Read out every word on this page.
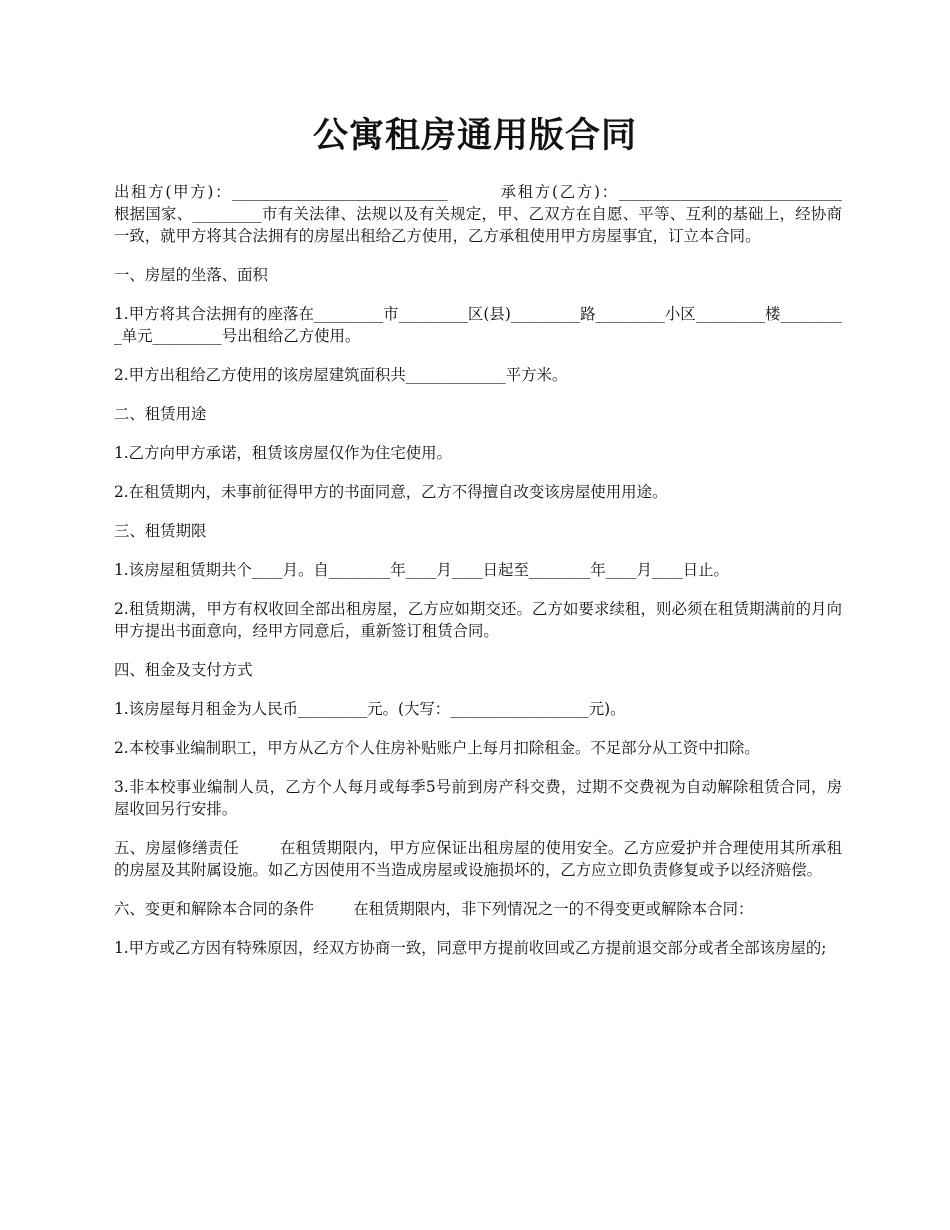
公寓租房通用版合同

出租方(甲方)：____________________________        承租方(乙方)：_____________________________        根据国家、_________市有关法律、法规以及有关规定，甲、乙双方在自愿、平等、互利的基础上，经协商一致，就甲方将其合法拥有的房屋出租给乙方使用，乙方承租使用甲方房屋事宜，订立本合同。

一、房屋的坐落、面积

1.甲方将其合法拥有的座落在_________市_________区(县)_________路_________小区_________楼_________单元_________号出租给乙方使用。

2.甲方出租给乙方使用的该房屋建筑面积共_____________平方米。

二、租赁用途

1.乙方向甲方承诺，租赁该房屋仅作为住宅使用。

2.在租赁期内，未事前征得甲方的书面同意，乙方不得擅自改变该房屋使用用途。

三、租赁期限

1.该房屋租赁期共个____月。自________年____月____日起至________年____月____日止。

2.租赁期满，甲方有权收回全部出租房屋，乙方应如期交还。乙方如要求续租，则必须在租赁期满前的月向甲方提出书面意向，经甲方同意后，重新签订租赁合同。

四、租金及支付方式

1.该房屋每月租金为人民币_________元。(大写：__________________元)。

2.本校事业编制职工，甲方从乙方个人住房补贴账户上每月扣除租金。不足部分从工资中扣除。

3.非本校事业编制人员，乙方个人每月或每季5号前到房产科交费，过期不交费视为自动解除租赁合同，房屋收回另行安排。

五、房屋修缮责任        在租赁期限内，甲方应保证出租房屋的使用安全。乙方应爱护并合理使用其所承租的房屋及其附属设施。如乙方因使用不当造成房屋或设施损坏的，乙方应立即负责修复或予以经济赔偿。

六、变更和解除本合同的条件        在租赁期限内，非下列情况之一的不得变更或解除本合同：

1.甲方或乙方因有特殊原因，经双方协商一致，同意甲方提前收回或乙方提前退交部分或者全部该房屋的;
